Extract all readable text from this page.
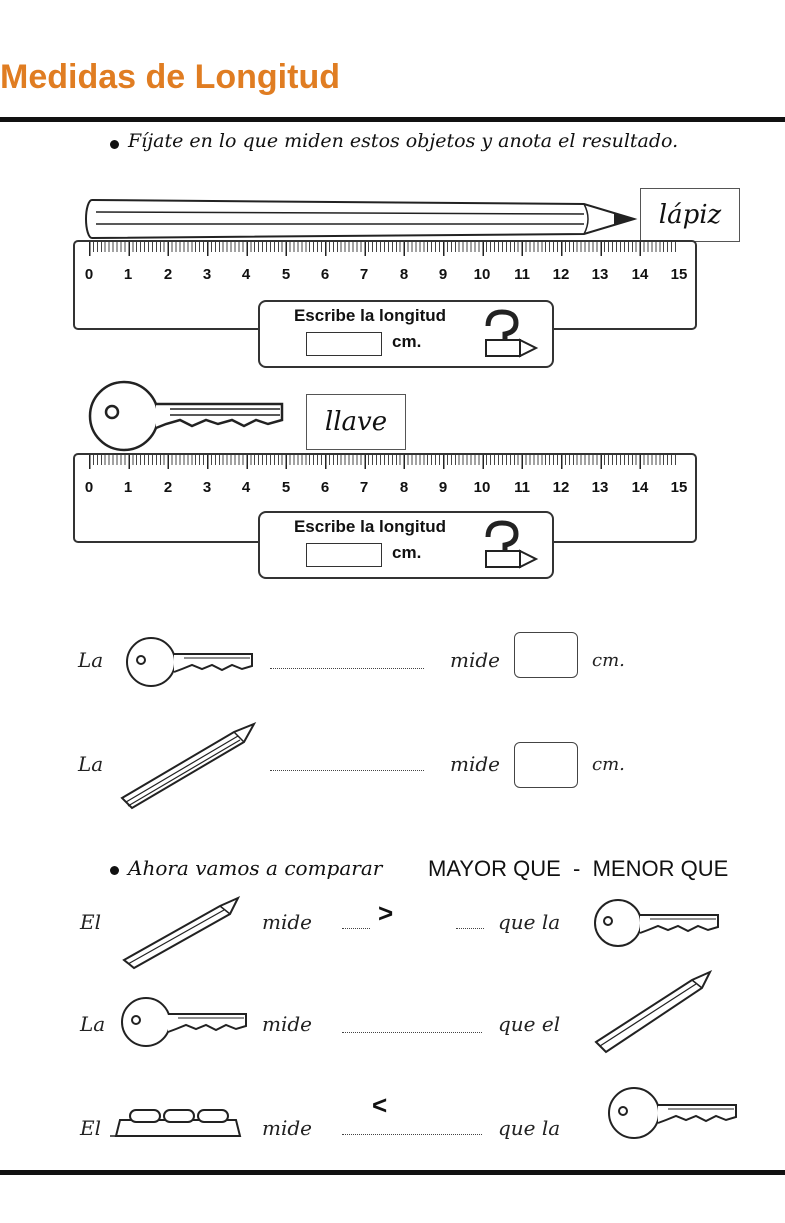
Medidas de Longitud
Fíjate en lo que miden estos objetos y anota el resultado.
lápiz
0	1	2	3	4	5	6	7	8	9	10	11	12	13	14	15
Escribe la longitud
cm.
llave
0	1	2	3	4	5	6	7	8	9	10	11	12	13	14	15
Escribe la longitud
cm.
La	mide	cm.
La	mide	cm.
Ahora vamos a comparar MAYOR QUE  -  MENOR QUE
El	mide	>	que la
La	mide	que el
El	mide
<
que la
